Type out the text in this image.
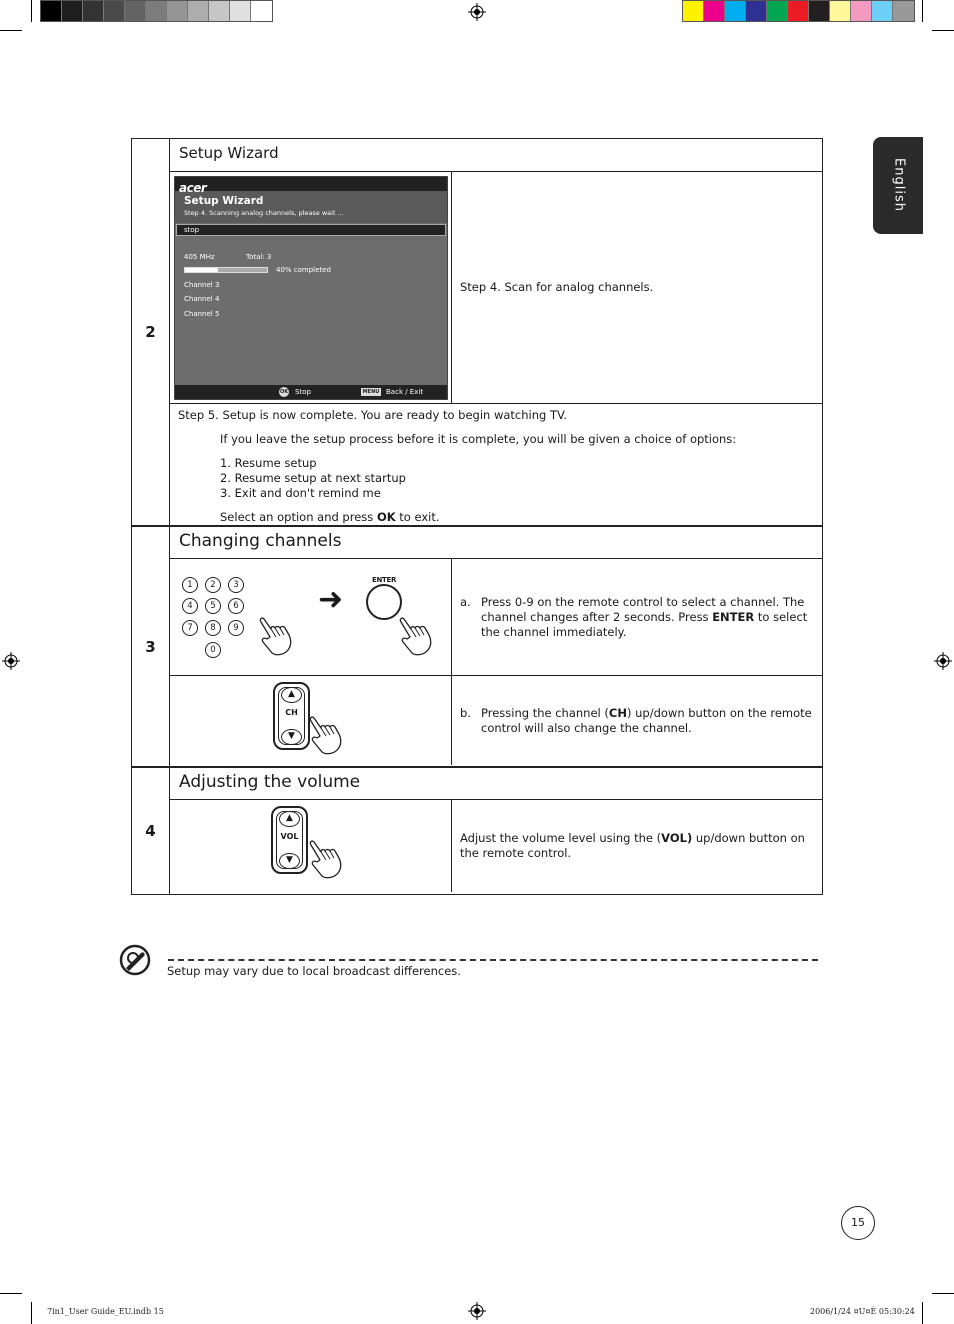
English
2
Setup Wizard
acer
Setup Wizard
Step 4. Scanning analog channels, please wait ...
stop
405 MHz	Total: 3
40% completed
Channel 3
Channel 4
Channel 5
OK Stop	MENU Back / Exit
Step 4. Scan for analog channels.
Step 5. Setup is now complete. You are ready to begin watching TV.
If you leave the setup process before it is complete, you will be given a choice of options:
1. Resume setup
2. Resume setup at next startup
3. Exit and don't remind me
Select an option and press OK to exit.
3
Changing channels
1	2	3
4	5	6
7	8	9
0
➜
ENTER
a. Press 0-9 on the remote control to select a channel. The channel changes after 2 seconds. Press ENTER to select the channel immediately.
▲
CH
▼
b. Pressing the channel (CH) up/down button on the remote control will also change the channel.
4
Adjusting the volume
▲
VOL
▼
Adjust the volume level using the (VOL) up/down button on the remote control.
Setup may vary due to local broadcast differences.
15
7in1_User Guide_EU.indb 15	2006/1/24 ¤U¤È 05:30:24
